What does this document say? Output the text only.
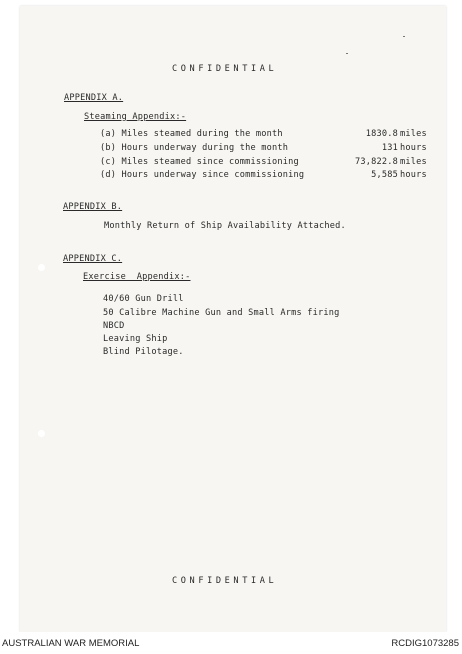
CONFIDENTIAL
APPENDIX A.
Steaming Appendix:-
(a) Miles steamed during the month	1830.8 miles
(b) Hours underway during the month	131 hours
(c) Miles steamed since commissioning	73,822.8 miles
(d) Hours underway since commissioning	5,585 hours
APPENDIX B.
Monthly Return of Ship Availability Attached.
APPENDIX C.
Exercise  Appendix:-
40/60 Gun Drill
50 Calibre Machine Gun and Small Arms firing
NBCD
Leaving Ship
Blind Pilotage.
CONFIDENTIAL
AUSTRALIAN WAR MEMORIAL	RCDIG1073285
